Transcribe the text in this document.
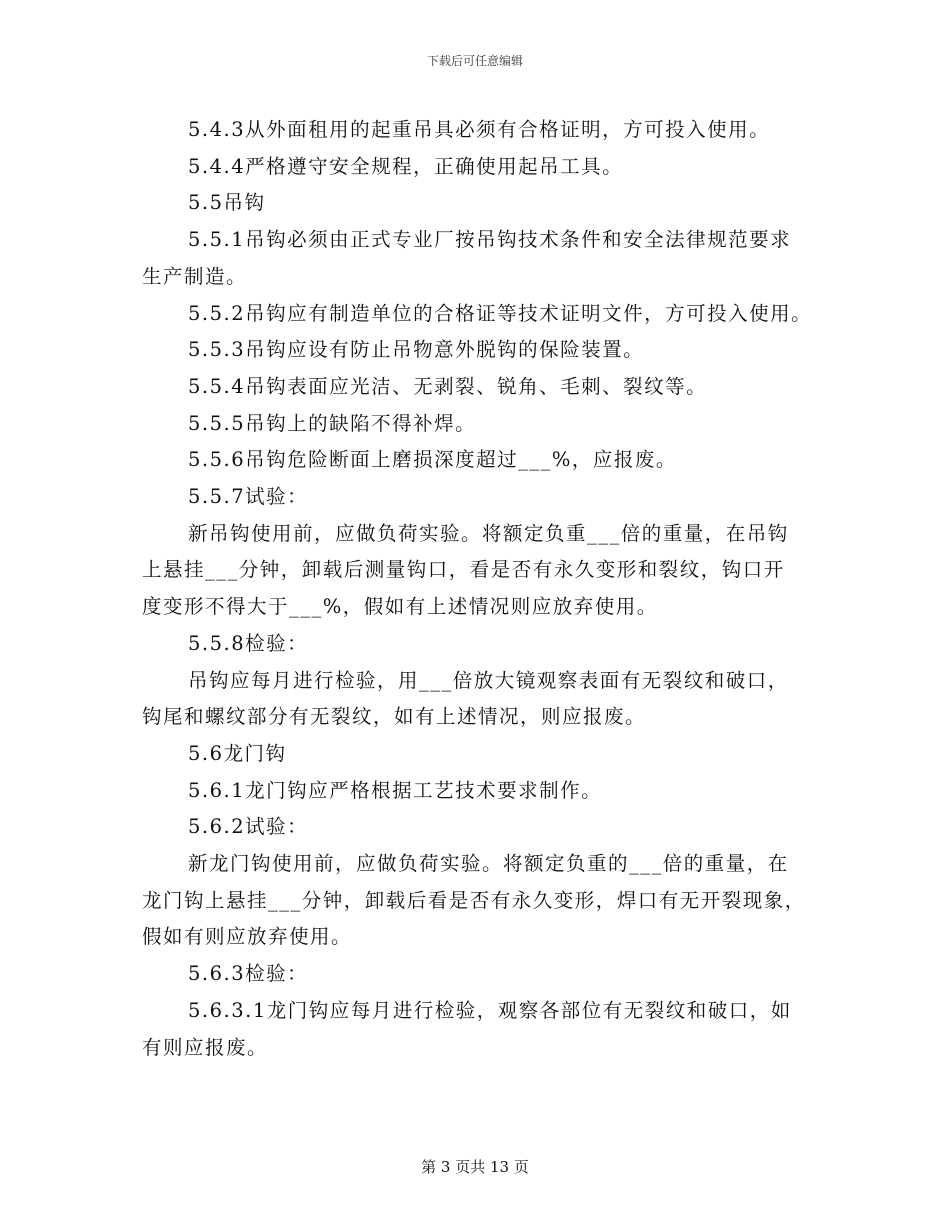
下载后可任意编辑

5.4.3从外面租用的起重吊具必须有合格证明，方可投入使用。

5.4.4严格遵守安全规程，正确使用起吊工具。

5.5吊钩

5.5.1吊钩必须由正式专业厂按吊钩技术条件和安全法律规范要求

生产制造。

5.5.2吊钩应有制造单位的合格证等技术证明文件，方可投入使用。

5.5.3吊钩应设有防止吊物意外脱钩的保险装置。

5.5.4吊钩表面应光洁、无剥裂、锐角、毛刺、裂纹等。

5.5.5吊钩上的缺陷不得补焊。

5.5.6吊钩危险断面上磨损深度超过___%，应报废。

5.5.7试验：

新吊钩使用前，应做负荷实验。将额定负重___倍的重量，在吊钩

上悬挂___分钟，卸载后测量钩口，看是否有永久变形和裂纹，钩口开

度变形不得大于___%，假如有上述情况则应放弃使用。

5.5.8检验：

吊钩应每月进行检验，用___倍放大镜观察表面有无裂纹和破口，

钩尾和螺纹部分有无裂纹，如有上述情况，则应报废。

5.6龙门钩

5.6.1龙门钩应严格根据工艺技术要求制作。

5.6.2试验：

新龙门钩使用前，应做负荷实验。将额定负重的___倍的重量，在

龙门钩上悬挂___分钟，卸载后看是否有永久变形，焊口有无开裂现象，

假如有则应放弃使用。

5.6.3检验：

5.6.3.1龙门钩应每月进行检验，观察各部位有无裂纹和破口，如

有则应报废。

第 3 页共 13 页
